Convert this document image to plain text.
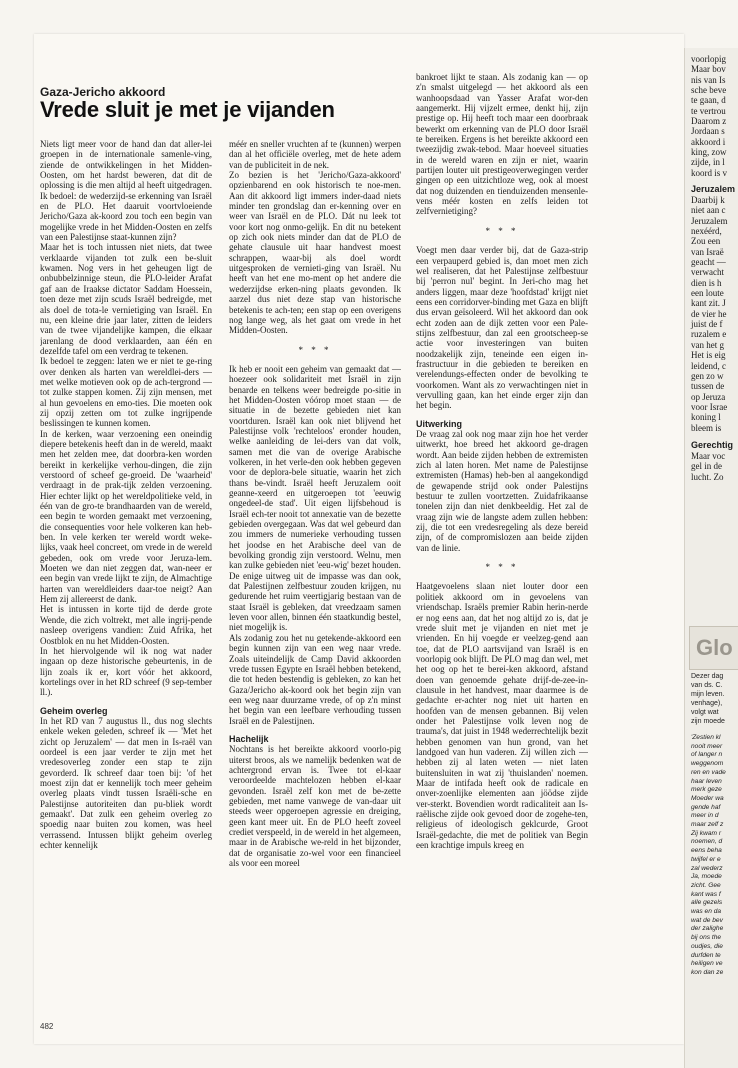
Gaza-Jericho akkoord
Vrede sluit je met je vijanden

Niets ligt meer voor de hand dan dat aller-lei groepen in de internationale samenle-ving, ziende de ontwikkelingen in het Midden-Oosten, om het hardst beweren, dat dit de oplossing is die men altijd al heeft uitgedragen. Ik bedoel: de wederzijd-se erkenning van Israël en de PLO. Het daaruit voortvloeiende Jericho/Gaza ak-koord zou toch een begin van mogelijke vrede in het Midden-Oosten en zelfs van een Palestijnse staat-kunnen zijn?

Maar het is toch intussen niet niets, dat twee verklaarde vijanden tot zulk een be-sluit kwamen. Nog vers in het geheugen ligt de onbubbelzinnige steun, die PLO-leider Arafat gaf aan de Iraakse dictator Saddam Hoessein, toen deze met zijn scuds Israël bedreigde, met als doel de tota-le vernietiging van Israël. En nu, een kleine drie jaar later, zitten de leiders van de twee vijandelijke kampen, die elkaar jarenlang de dood verklaarden, aan één en dezelfde tafel om een verdrag te tekenen.

Ik bedoel te zeggen: laten we er niet te ge-ring over denken als harten van wereldlei-ders — met welke motieven ook op de ach-tergrond — tot zulke stappen komen. Zij zijn mensen, met al hun gevoelens en emo-ties. Die moeten ook zij opzij zetten om tot zulke ingrijpende beslissingen te kunnen komen.

In de kerken, waar verzoening een oneindig diepere betekenis heeft dan in de wereld, maakt men het zelden mee, dat doorbra-ken worden bereikt in kerkelijke verhou-dingen, die zijn verstoord of scheef ge-groeid. De 'waarheid' verdraagt in de prak-tijk zelden verzoening. Hier echter lijkt op het wereldpolitieke veld, in één van de gro-te brandhaarden van de wereld, een begin te worden gemaakt met verzoening, die consequenties voor hele volkeren kan heb-ben. In vele kerken ter wereld wordt weke-lijks, vaak heel concreet, om vrede in de wereld gebeden, ook om vrede voor Jeruza-lem. Moeten we dan niet zeggen dat, wan-neer er een begin van vrede lijkt te zijn, de Almachtige harten van wereldleiders daar-toe neigt? Aan Hem zij allereerst de dank.

Het is intussen in korte tijd de derde grote Wende, die zich voltrekt, met alle ingrij-pende nasleep overigens vandien: Zuid Afrika, het Oostblok en nu het Midden-Oosten.

In het hiervolgende wil ik nog wat nader ingaan op deze historische gebeurtenis, in de lijn zoals ik er, kort vóór het akkoord, kortelings over in het RD schreef (9 sep-tember ll.).

Geheim overleg

In het RD van 7 augustus ll., dus nog slechts enkele weken geleden, schreef ik — 'Met het zicht op Jeruzalem' — dat men in Is-raël van oordeel is een jaar verder te zijn met het vredesoverleg zonder een stap te zijn gevorderd. Ik schreef daar toen bij: 'of het moest zijn dat er kennelijk toch meer geheim overleg plaats vindt tussen Israëli-sche en Palestijnse autoriteiten dan pu-bliek wordt gemaakt'. Dat zulk een geheim overleg zo spoedig naar buiten zou komen, was heel verrassend. Intussen blijkt geheim overleg echter kennelijk

méér en sneller vruchten af te (kunnen) werpen dan al het officiële overleg, met de hete adem van de publiciteit in de nek.

Zo bezien is het 'Jericho/Gaza-akkoord' opzienbarend en ook historisch te noe-men. Aan dit akkoord ligt immers inder-daad niets minder ten grondslag dan er-kenning over en weer van Israël en de PLO. Dát nu leek tot voor kort nog onmo-gelijk. En dit nu betekent op zich ook niets minder dan dat de PLO de gehate clausule uit haar handvest moest schrappen, waar-bij als doel wordt uitgesproken de vernieti-ging van Israël. Nu heeft van het ene mo-ment op het andere die wederzijdse erken-ning plaats gevonden. Ik aarzel dus niet deze stap van historische betekenis te ach-ten; een stap op een overigens nog lange weg, als het gaat om vrede in het Midden-Oosten.

* * *

Ik heb er nooit een geheim van gemaakt dat — hoezeer ook solidariteit met Israël in zijn benarde en telkens weer bedreigde po-sitie in het Midden-Oosten vóórop moet staan — de situatie in de bezette gebieden niet kan voortduren. Israël kan ook niet blijvend het Palestijnse volk 'rechteloos' eronder houden, welke aanleiding de lei-ders van dat volk, samen met die van de overige Arabische volkeren, in het verle-den ook hebben gegeven voor de deplora-bele situatie, waarin het zich thans be-vindt. Israël heeft Jeruzalem ooit geanne-xeerd en uitgeroepen tot 'eeuwig ongedeel-de stad'. Uit eigen lijfsbehoud is Israël ech-ter nooit tot annexatie van de bezette gebieden overgegaan. Was dat wel gebeurd dan zou immers de numerieke verhouding tussen het joodse en het Arabische deel van de bevolking grondig zijn verstoord. Welnu, men kan zulke gebieden niet 'eeu-wig' bezet houden.

De enige uitweg uit de impasse was dan ook, dat Palestijnen zelfbestuur zouden krijgen, nu gedurende het ruim veertigjarig bestaan van de staat Israël is gebleken, dat vreedzaam samen leven voor allen, binnen één staatkundig bestel, niet mogelijk is.

Als zodanig zou het nu getekende-akkoord een begin kunnen zijn van een weg naar vrede. Zoals uiteindelijk de Camp David akkoorden vrede tussen Egypte en Israël hebben betekend, die tot heden bestendig is gebleken, zo kan het Gaza/Jericho ak-koord ook het begin zijn van een weg naar duurzame vrede, of op z'n minst het begin van een leefbare verhouding tussen Israël en de Palestijnen.

Hachelijk

Nochtans is het bereikte akkoord voorlo-pig uiterst broos, als we namelijk bedenken wat de achtergrond ervan is. Twee tot el-kaar veroordeelde machtelozen hebben el-kaar gevonden. Israël zelf kon met de be-zette gebieden, met name vanwege de van-daar uit steeds weer opgeroepen agressie en dreiging, geen kant meer uit. En de PLO heeft zoveel crediet verspeeld, in de wereld in het algemeen, maar in de Arabische we-reld in het bijzonder, dat de organisatie zo-wel voor een financieel als voor een moreel

bankroet lijkt te staan. Als zodanig kan — op z'n smalst uitgelegd — het akkoord als een wanhoopsdaad van Yasser Arafat wor-den aangemerkt. Hij vijzelt ermee, denkt hij, zijn prestige op. Hij heeft toch maar een doorbraak bewerkt om erkenning van de PLO door Israël te bereiken. Ergens is het bereikte akkoord een tweezijdig zwak-tebod. Maar hoeveel situaties in de wereld waren en zijn er niet, waarin partijen louter uit prestigeoverwegingen verder gingen op een uitzichtloze weg, ook al moest dat nog duizenden en tienduizenden mensenle-vens méér kosten en zelfs leiden tot zelfvernietiging?

* * *

Voegt men daar verder bij, dat de Gaza-strip een verpauperd gebied is, dan moet men zich wel realiseren, dat het Palestijnse zelfbestuur bij 'perron nul' begint. In Jeri-cho mag het anders liggen, maar deze 'hoofdstad' krijgt niet eens een corridorver-binding met Gaza en blijft dus ervan geïsoleerd. Wil het akkoord dan ook echt zoden aan de dijk zetten voor een Pale-stijns zelfbestuur, dan zal een grootscheep-se actie voor investeringen van buiten noodzakelijk zijn, teneinde een eigen in-frastructuur in die gebieden te bereiken en verelendungs-effecten onder de bevolking te voorkomen. Want als zo verwachtingen niet in vervulling gaan, kan het einde erger zijn dan het begin.

Uitwerking

De vraag zal ook nog maar zijn hoe het verder uitwerkt, hoe breed het akkoord ge-dragen wordt. Aan beide zijden hebben de extremisten zich al laten horen. Met name de Palestijnse extremisten (Hamas) heb-ben al aangekondigd de gewapende strijd ook onder Palestijns bestuur te zullen voortzetten. Zuidafrikaanse tonelen zijn dan niet denkbeeldig. Het zal de vraag zijn wie de langste adem zullen hebben: zij, die tot een vredesregeling als deze bereid zijn, of de compromislozen aan beide zijden van de linie.

* * *

Haatgevoelens slaan niet louter door een politiek akkoord om in gevoelens van vriendschap. Israëls premier Rabin herin-nerde er nog eens aan, dat het nog altijd zo is, dat je vrede sluit met je vijanden en niet met je vrienden. En hij voegde er veelzeg-gend aan toe, dat de PLO aartsvijand van Israël is en voorlopig ook blijft. De PLO mag dan wel, met het oog op het te berei-ken akkoord, afstand doen van genoemde gehate drijf-de-zee-in-clausule in het handvest, maar daarmee is de gedachte er-achter nog niet uit harten en hoofden van de mensen gebannen. Bij velen onder het Palestijnse volk leven nog de trauma's, dat juist in 1948 wederrechtelijk bezit hebben genomen van hun grond, van het landgoed van hun vaderen. Zij willen zich — hebben zij al laten weten — niet laten buitensluiten in wat zij 'thuislanden' noemen. Maar de intifada heeft ook de radicale en onver-zoenlijke elementen aan jöödse zijde ver-sterkt. Bovendien wordt radicaliteit aan Is-raëlische zijde ook gevoed door de zogehe-ten, religieus of ideologisch geklcurde, Groot Israël-gedachte, die met de politiek van Begin een krachtige impuls kreeg en

482
voorlopig
Maar bov
nis van Is
sche beve
te gaan, d
te vertrou
Daarom z
Jordaan s
akkoord i
king, zow
zijde, in l
koord is v
Jeruzalem
Daarbij k
niet aan c
Jeruzalem
nexéérd,
Zou een
van Israë
geacht —
verwacht
dien is h
een loute
kant zit. J
de vier he
juist de f
ruzalem e
van het g
Het is eig
leidend, c
gen zo w
tussen de
op Jeruza
voor Israe
koning l
bleem is
Gerechtig
Maar voc
gel in de
lucht. Zo
Glo
Dezer dag
van ds. C.
mijn leven.
venhage),
volgt wat
zijn moede
'Zestien kl
nooit meer
of langer n
weggenom
ren en vade
haar leven
merk geze
Moeder wa
gende haf
meer in d
maar zelf z
Zij kwam r
noemen, d
eens beha
twijfel er e
zal wederz
Ja, moede
zicht. Gee
kant was f
alle gezels
was en da
wat de bev
der zalighe
bij ons the
oudjes, die
durfden te
heiligen ve
kon dan ze
